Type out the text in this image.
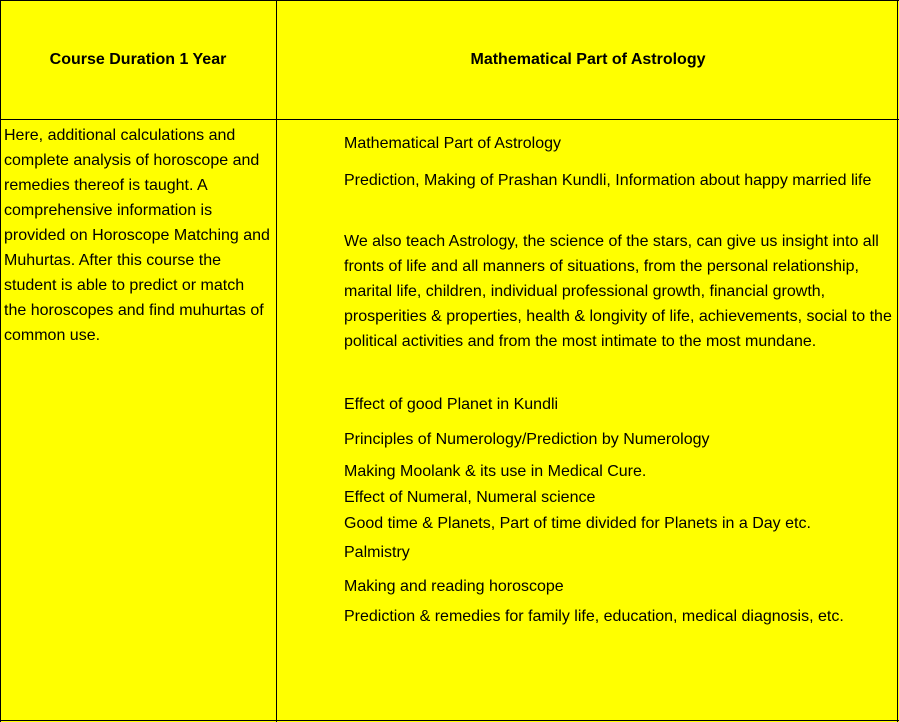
Course Duration 1 Year	Mathematical Part of Astrology
Here, additional calculations and complete analysis of horoscope and remedies thereof is taught. A comprehensive information is provided on Horoscope Matching and Muhurtas. After this course the student is able to predict or match the horoscopes and find muhurtas of common use.
Mathematical Part of Astrology
Prediction, Making of Prashan Kundli, Information about happy married life
We also teach Astrology, the science of the stars, can give us insight into all fronts of life and all manners of situations, from the personal relationship, marital life, children, individual professional growth, financial growth, prosperities & properties, health & longivity of life, achievements, social to the political activities and from the most intimate to the most mundane.
Effect of good Planet in Kundli
Principles of Numerology/Prediction by Numerology
Making Moolank & its use in Medical Cure.
Effect of Numeral, Numeral science
Good time & Planets, Part of time divided for Planets in a Day etc.
Palmistry
Making and reading horoscope
Prediction & remedies for family life, education, medical diagnosis, etc.
